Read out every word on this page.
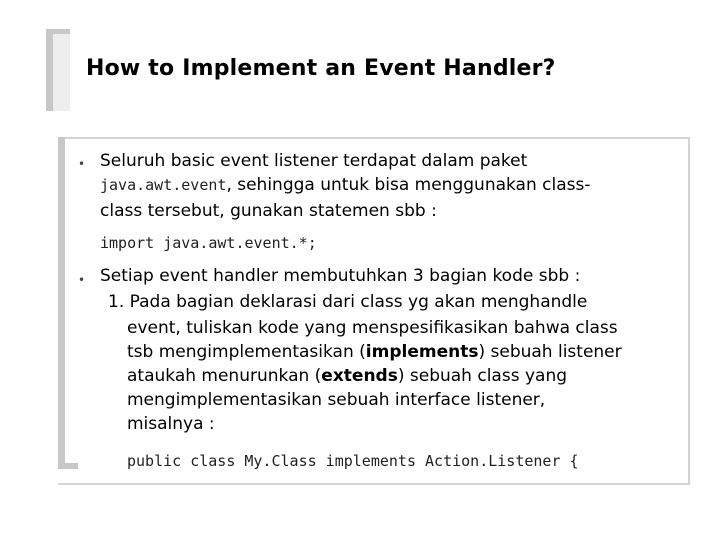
How to Implement an Event Handler?
• Seluruh basic event listener terdapat dalam paket
java.awt.event, sehingga untuk bisa menggunakan class-
class tersebut, gunakan statemen sbb :
import java.awt.event.*;
• Setiap event handler membutuhkan 3 bagian kode sbb :
1. Pada bagian deklarasi dari class yg akan menghandle
event, tuliskan kode yang menspesifikasikan bahwa class
tsb mengimplementasikan (implements) sebuah listener
ataukah menurunkan (extends) sebuah class yang
mengimplementasikan sebuah interface listener,
misalnya :
public class My.Class implements Action.Listener {
